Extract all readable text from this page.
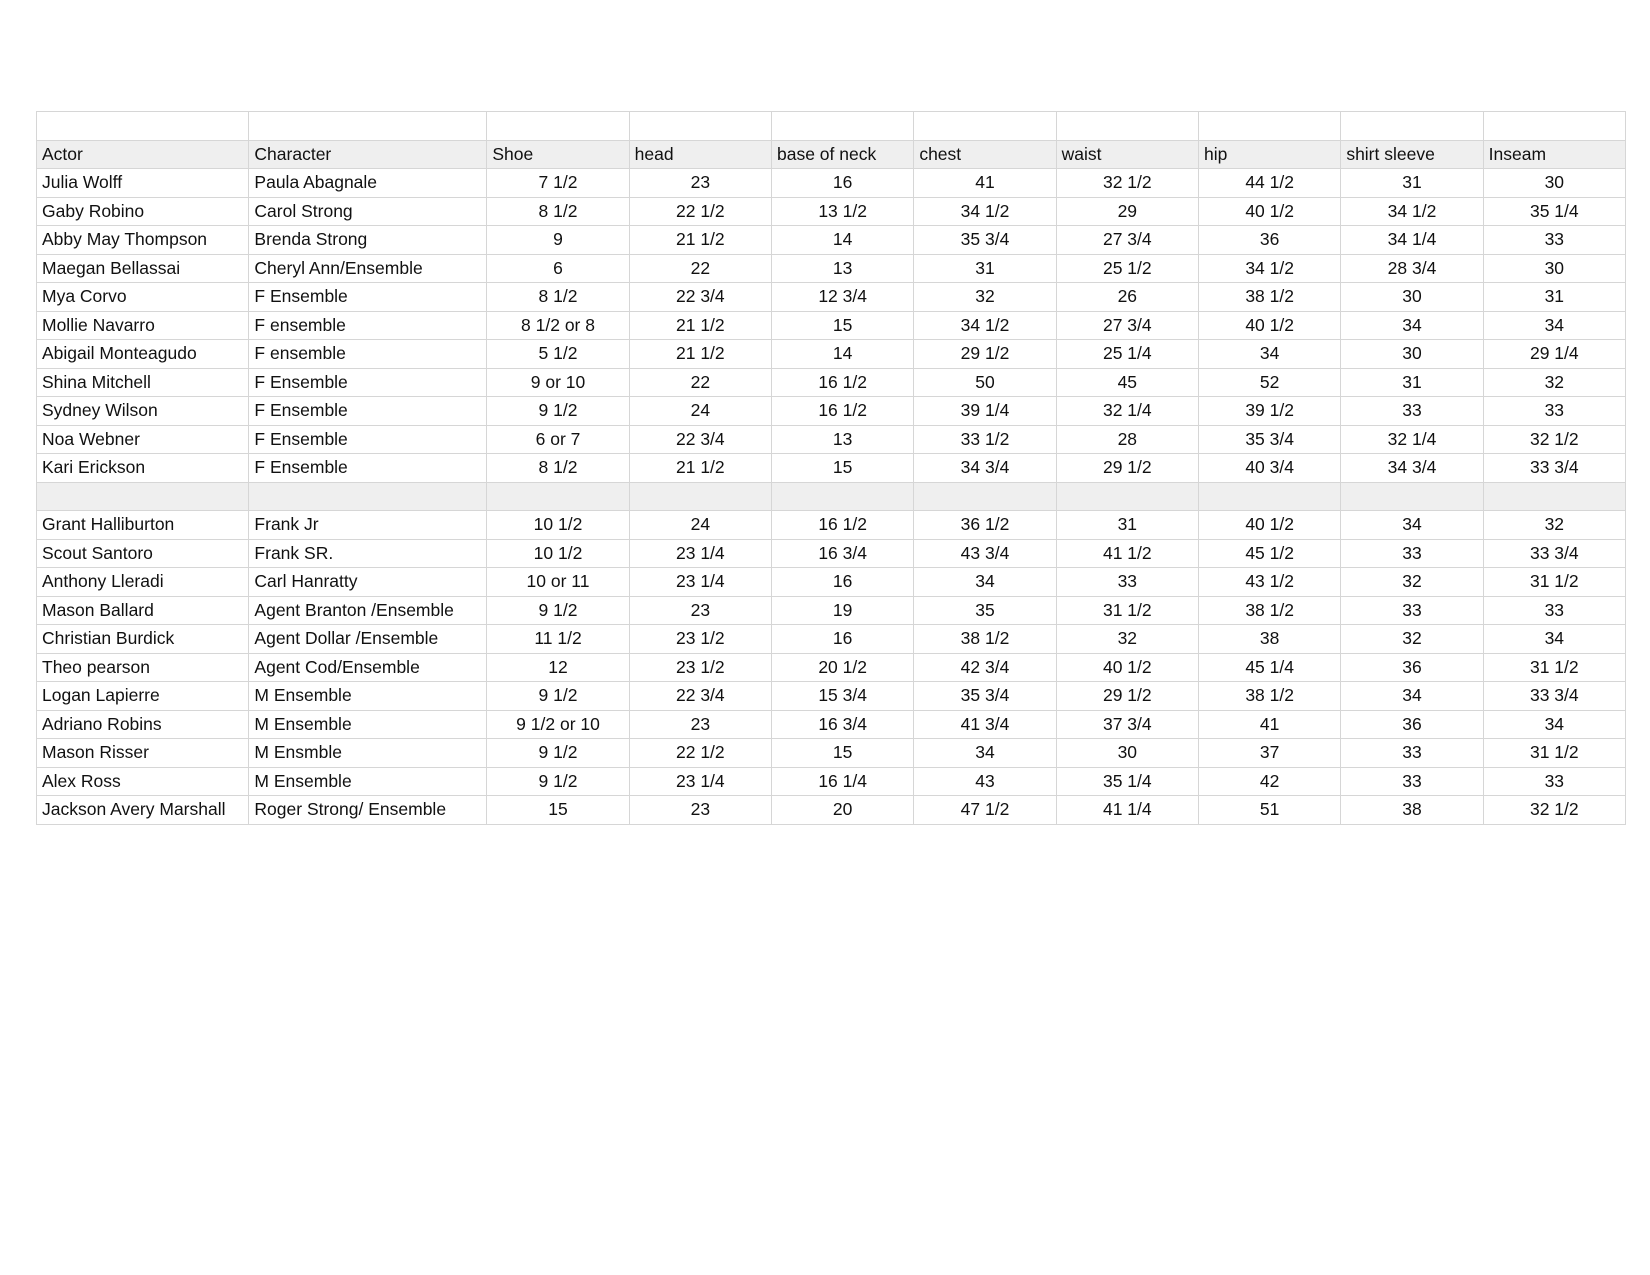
Actor	Character	Shoe	head	base of neck	chest	waist	hip	shirt sleeve	Inseam
Julia Wolff	Paula Abagnale	7 1/2	23	16	41	32 1/2	44 1/2	31	30
Gaby Robino	Carol Strong	8 1/2	22 1/2	13 1/2	34 1/2	29	40 1/2	34 1/2	35 1/4
Abby May Thompson	Brenda Strong	9	21 1/2	14	35 3/4	27 3/4	36	34 1/4	33
Maegan Bellassai	Cheryl Ann/Ensemble	6	22	13	31	25 1/2	34 1/2	28 3/4	30
Mya Corvo	F Ensemble	8 1/2	22 3/4	12 3/4	32	26	38 1/2	30	31
Mollie Navarro	F ensemble	8 1/2 or 8	21 1/2	15	34 1/2	27 3/4	40 1/2	34	34
Abigail Monteagudo	F ensemble	5 1/2	21 1/2	14	29 1/2	25 1/4	34	30	29 1/4
Shina Mitchell	F Ensemble	9 or 10	22	16 1/2	50	45	52	31	32
Sydney Wilson	F Ensemble	9 1/2	24	16 1/2	39 1/4	32 1/4	39 1/2	33	33
Noa Webner	F Ensemble	6 or 7	22 3/4	13	33 1/2	28	35 3/4	32 1/4	32 1/2
Kari Erickson	F Ensemble	8 1/2	21 1/2	15	34 3/4	29 1/2	40 3/4	34 3/4	33 3/4

Grant Halliburton	Frank Jr	10 1/2	24	16 1/2	36 1/2	31	40 1/2	34	32
Scout Santoro	Frank SR.	10 1/2	23 1/4	16 3/4	43 3/4	41 1/2	45 1/2	33	33 3/4
Anthony Lleradi	Carl Hanratty	10 or 11	23 1/4	16	34	33	43 1/2	32	31 1/2
Mason Ballard	Agent Branton /Ensemble	9 1/2	23	19	35	31 1/2	38 1/2	33	33
Christian Burdick	Agent Dollar /Ensemble	11 1/2	23 1/2	16	38 1/2	32	38	32	34
Theo pearson	Agent Cod/Ensemble	12	23 1/2	20 1/2	42 3/4	40 1/2	45 1/4	36	31 1/2
Logan Lapierre	M Ensemble	9 1/2	22 3/4	15 3/4	35 3/4	29 1/2	38 1/2	34	33 3/4
Adriano Robins	M Ensemble	9 1/2 or 10	23	16 3/4	41 3/4	37 3/4	41	36	34
Mason Risser	M Ensmble	9 1/2	22 1/2	15	34	30	37	33	31 1/2
Alex Ross	M Ensemble	9 1/2	23 1/4	16 1/4	43	35 1/4	42	33	33
Jackson Avery Marshall	Roger Strong/ Ensemble	15	23	20	47 1/2	41 1/4	51	38	32 1/2
